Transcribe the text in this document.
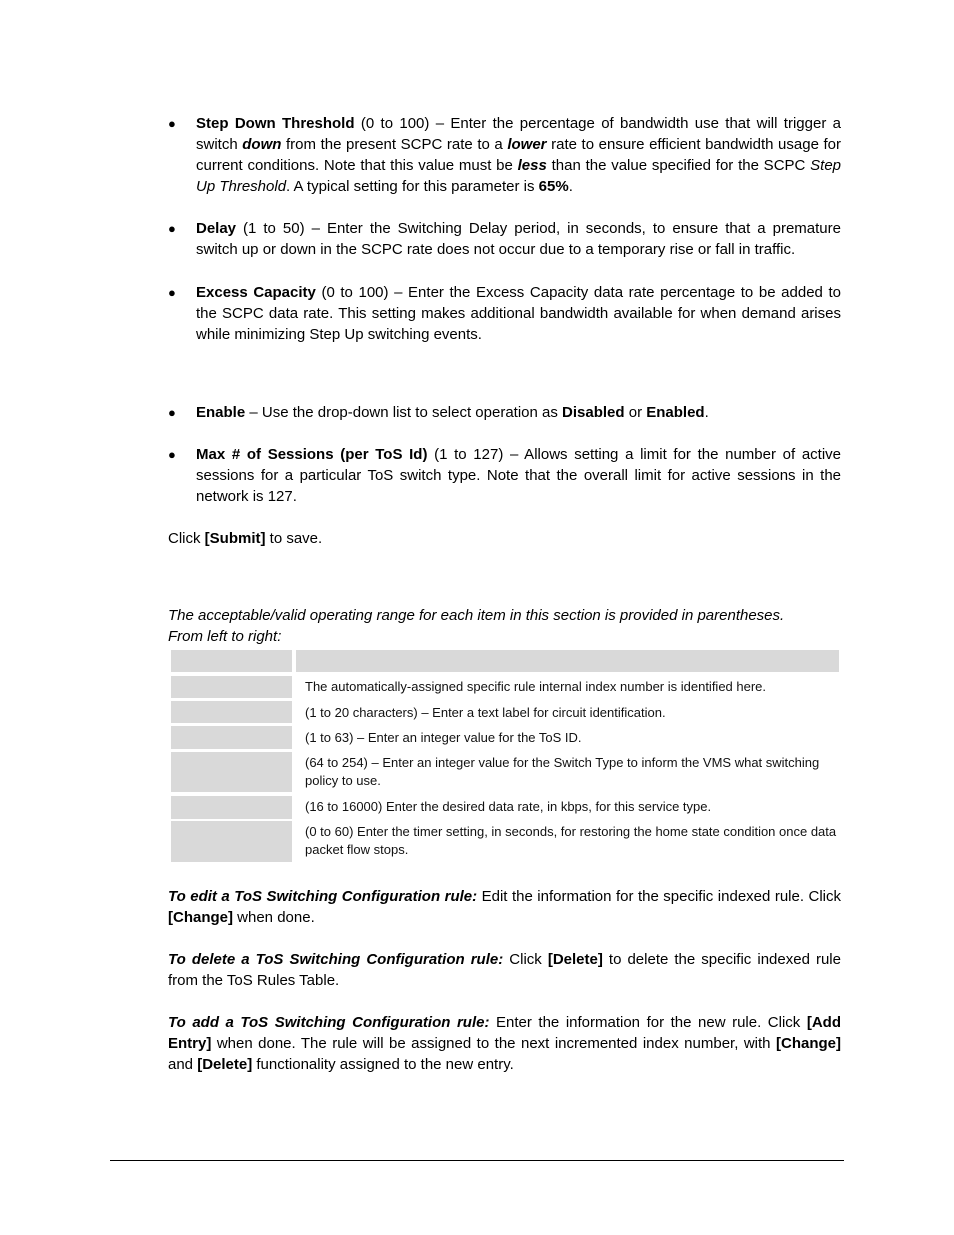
●	Step Down Threshold (0 to 100) – Enter the percentage of bandwidth use that will trigger a switch down from the present SCPC rate to a lower rate to ensure efficient bandwidth usage for current conditions. Note that this value must be less than the value specified for the SCPC Step Up Threshold. A typical setting for this parameter is 65%.
●	Delay (1 to 50) – Enter the Switching Delay period, in seconds, to ensure that a premature switch up or down in the SCPC rate does not occur due to a temporary rise or fall in traffic.
●	Excess Capacity (0 to 100) – Enter the Excess Capacity data rate percentage to be added to the SCPC data rate. This setting makes additional bandwidth available for when demand arises while minimizing Step Up switching events.
●	Enable – Use the drop-down list to select operation as Disabled or Enabled.
●	Max # of Sessions (per ToS Id) (1 to 127) – Allows setting a limit for the number of active sessions for a particular ToS switch type. Note that the overall limit for active sessions in the network is 127.
Click [Submit] to save.
The acceptable/valid operating range for each item in this section is provided in parentheses.
From left to right:
The automatically-assigned specific rule internal index number is identified here.
(1 to 20 characters) – Enter a text label for circuit identification.
(1 to 63) – Enter an integer value for the ToS ID.
(64 to 254) – Enter an integer value for the Switch Type to inform the VMS what switching policy to use.
(16 to 16000) Enter the desired data rate, in kbps, for this service type.
(0 to 60) Enter the timer setting, in seconds, for restoring the home state condition once data packet flow stops.
To edit a ToS Switching Configuration rule: Edit the information for the specific indexed rule. Click [Change] when done.
To delete a ToS Switching Configuration rule: Click [Delete] to delete the specific indexed rule from the ToS Rules Table.
To add a ToS Switching Configuration rule: Enter the information for the new rule. Click [Add Entry] when done. The rule will be assigned to the next incremented index number, with [Change] and [Delete] functionality assigned to the new entry.
